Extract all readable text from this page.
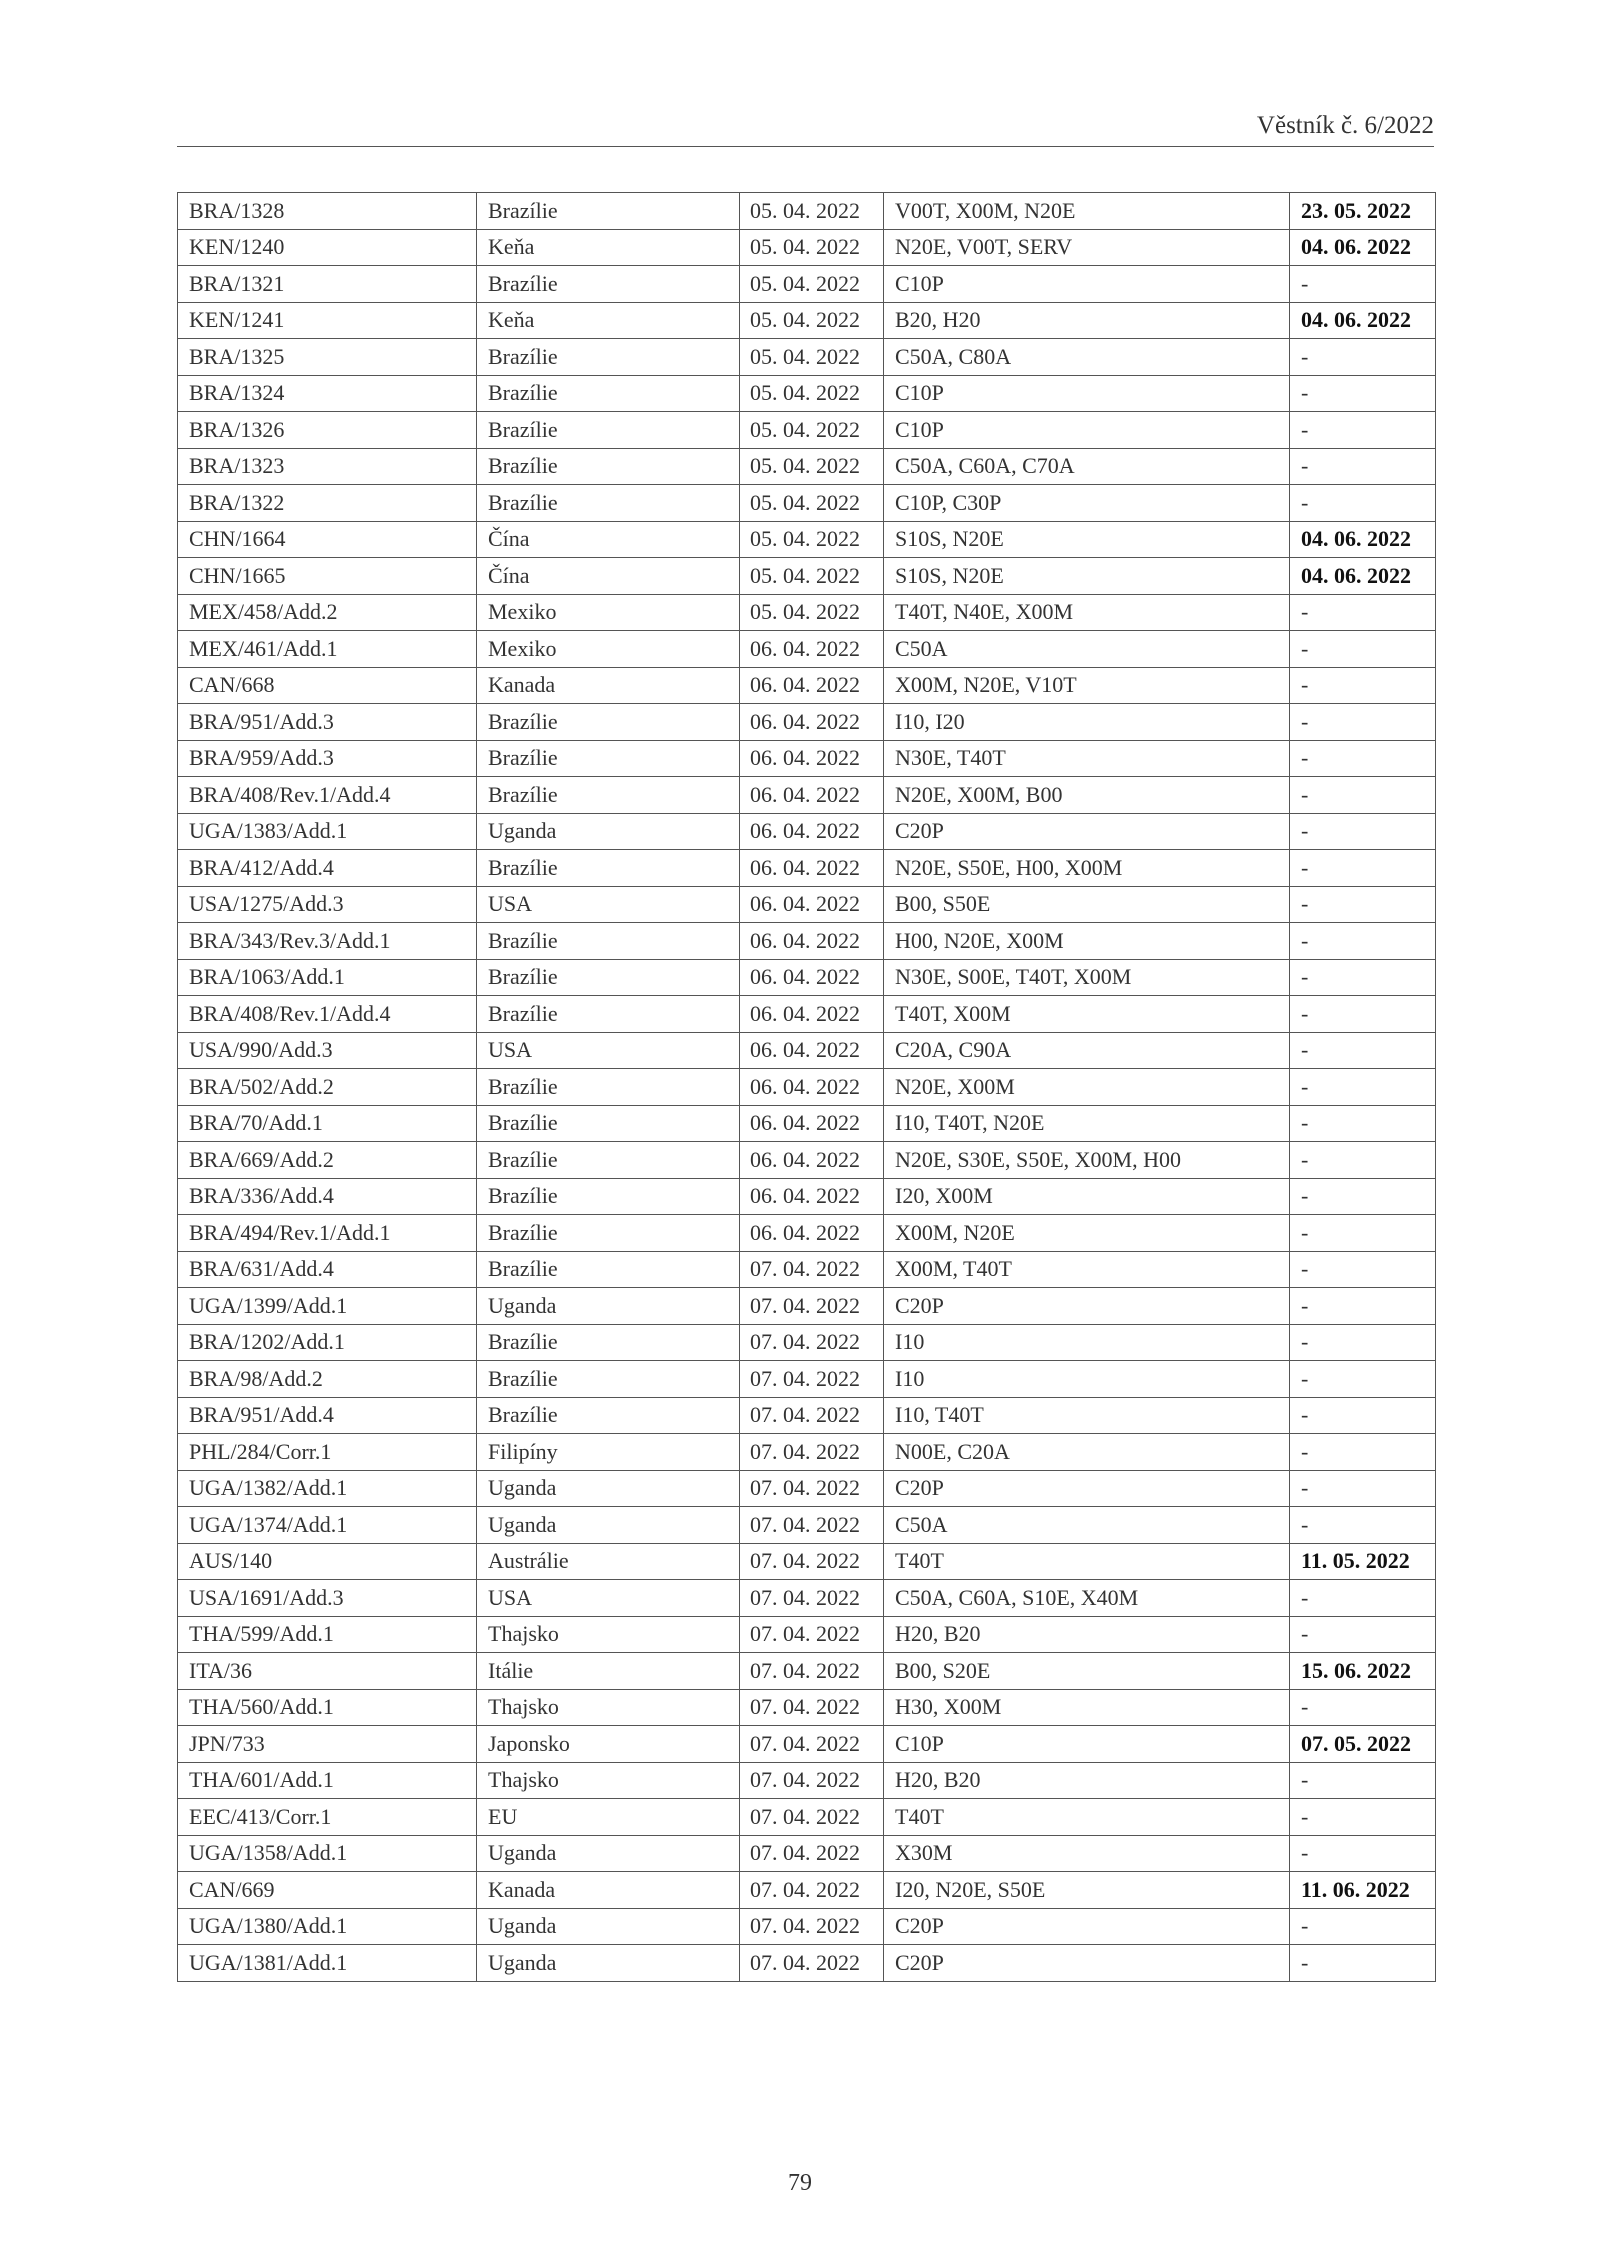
Věstník č. 6/2022
BRA/1328	Brazílie	05. 04. 2022	V00T, X00M, N20E	23. 05. 2022
KEN/1240	Keňa	05. 04. 2022	N20E, V00T, SERV	04. 06. 2022
BRA/1321	Brazílie	05. 04. 2022	C10P	-
KEN/1241	Keňa	05. 04. 2022	B20, H20	04. 06. 2022
BRA/1325	Brazílie	05. 04. 2022	C50A, C80A	-
BRA/1324	Brazílie	05. 04. 2022	C10P	-
BRA/1326	Brazílie	05. 04. 2022	C10P	-
BRA/1323	Brazílie	05. 04. 2022	C50A, C60A, C70A	-
BRA/1322	Brazílie	05. 04. 2022	C10P, C30P	-
CHN/1664	Čína	05. 04. 2022	S10S, N20E	04. 06. 2022
CHN/1665	Čína	05. 04. 2022	S10S, N20E	04. 06. 2022
MEX/458/Add.2	Mexiko	05. 04. 2022	T40T, N40E, X00M	-
MEX/461/Add.1	Mexiko	06. 04. 2022	C50A	-
CAN/668	Kanada	06. 04. 2022	X00M, N20E, V10T	-
BRA/951/Add.3	Brazílie	06. 04. 2022	I10, I20	-
BRA/959/Add.3	Brazílie	06. 04. 2022	N30E, T40T	-
BRA/408/Rev.1/Add.4	Brazílie	06. 04. 2022	N20E, X00M, B00	-
UGA/1383/Add.1	Uganda	06. 04. 2022	C20P	-
BRA/412/Add.4	Brazílie	06. 04. 2022	N20E, S50E, H00, X00M	-
USA/1275/Add.3	USA	06. 04. 2022	B00, S50E	-
BRA/343/Rev.3/Add.1	Brazílie	06. 04. 2022	H00, N20E, X00M	-
BRA/1063/Add.1	Brazílie	06. 04. 2022	N30E, S00E, T40T, X00M	-
BRA/408/Rev.1/Add.4	Brazílie	06. 04. 2022	T40T, X00M	-
USA/990/Add.3	USA	06. 04. 2022	C20A, C90A	-
BRA/502/Add.2	Brazílie	06. 04. 2022	N20E, X00M	-
BRA/70/Add.1	Brazílie	06. 04. 2022	I10, T40T, N20E	-
BRA/669/Add.2	Brazílie	06. 04. 2022	N20E, S30E, S50E, X00M, H00	-
BRA/336/Add.4	Brazílie	06. 04. 2022	I20, X00M	-
BRA/494/Rev.1/Add.1	Brazílie	06. 04. 2022	X00M, N20E	-
BRA/631/Add.4	Brazílie	07. 04. 2022	X00M, T40T	-
UGA/1399/Add.1	Uganda	07. 04. 2022	C20P	-
BRA/1202/Add.1	Brazílie	07. 04. 2022	I10	-
BRA/98/Add.2	Brazílie	07. 04. 2022	I10	-
BRA/951/Add.4	Brazílie	07. 04. 2022	I10, T40T	-
PHL/284/Corr.1	Filipíny	07. 04. 2022	N00E, C20A	-
UGA/1382/Add.1	Uganda	07. 04. 2022	C20P	-
UGA/1374/Add.1	Uganda	07. 04. 2022	C50A	-
AUS/140	Austrálie	07. 04. 2022	T40T	11. 05. 2022
USA/1691/Add.3	USA	07. 04. 2022	C50A, C60A, S10E, X40M	-
THA/599/Add.1	Thajsko	07. 04. 2022	H20, B20	-
ITA/36	Itálie	07. 04. 2022	B00, S20E	15. 06. 2022
THA/560/Add.1	Thajsko	07. 04. 2022	H30, X00M	-
JPN/733	Japonsko	07. 04. 2022	C10P	07. 05. 2022
THA/601/Add.1	Thajsko	07. 04. 2022	H20, B20	-
EEC/413/Corr.1	EU	07. 04. 2022	T40T	-
UGA/1358/Add.1	Uganda	07. 04. 2022	X30M	-
CAN/669	Kanada	07. 04. 2022	I20, N20E, S50E	11. 06. 2022
UGA/1380/Add.1	Uganda	07. 04. 2022	C20P	-
UGA/1381/Add.1	Uganda	07. 04. 2022	C20P	-
79
